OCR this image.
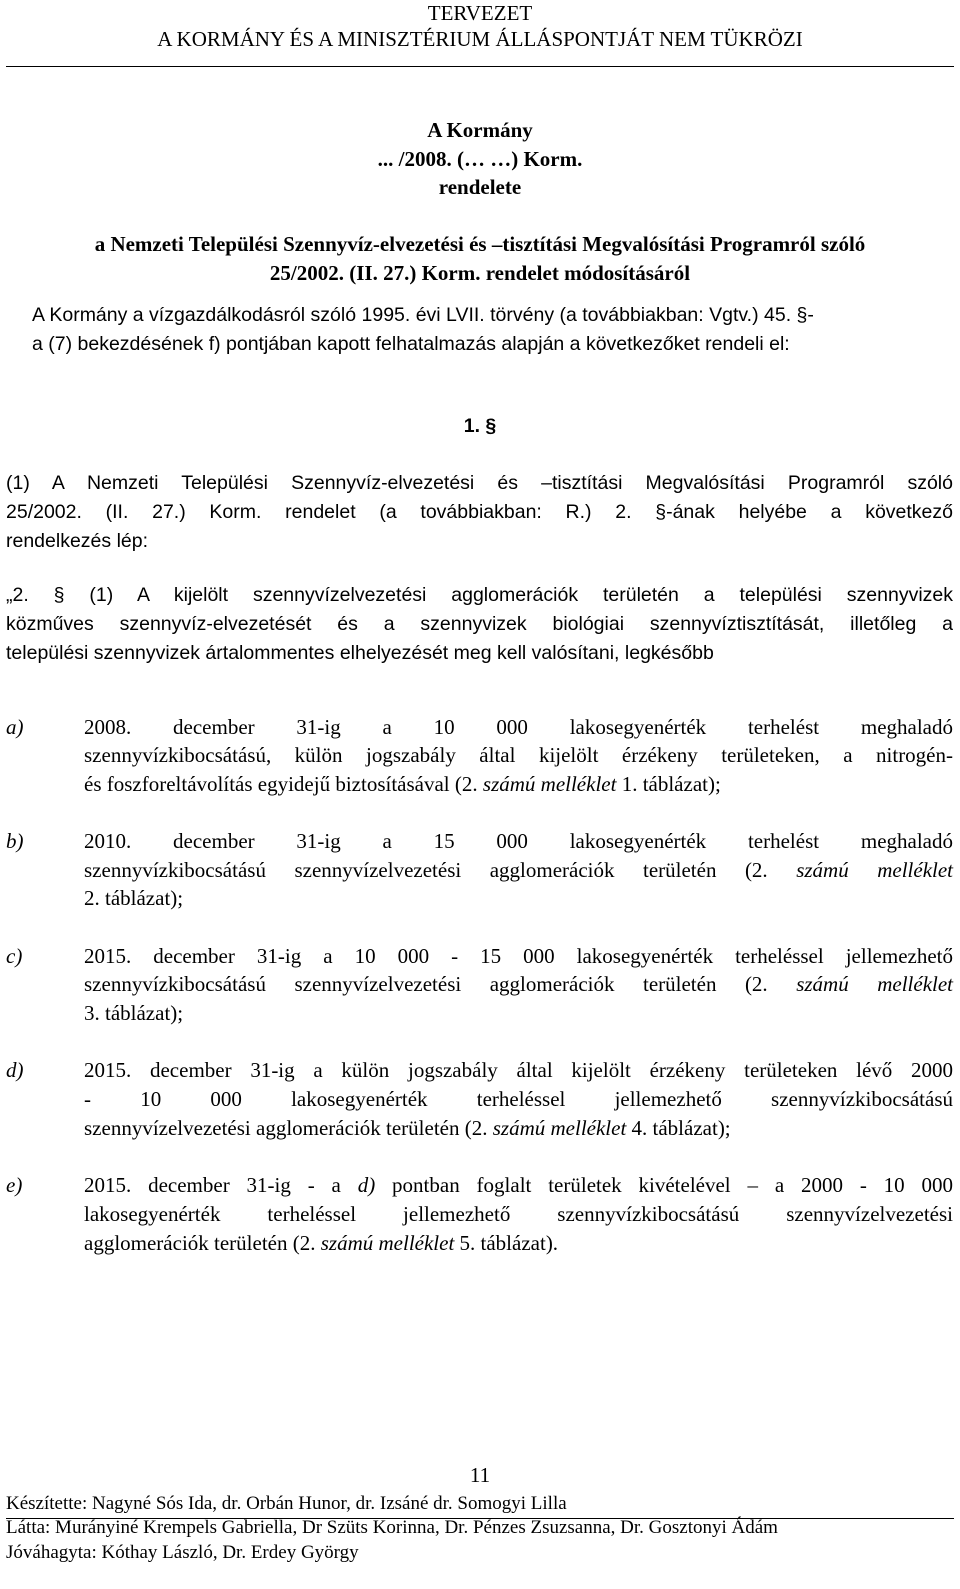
TERVEZET
A KORMÁNY ÉS A MINISZTÉRIUM ÁLLÁSPONTJÁT NEM TÜKRÖZI
A Kormány
... /2008. (… …) Korm.
rendelete
a Nemzeti Települési Szennyvíz-elvezetési és –tisztítási Megvalósítási Programról szóló
25/2002. (II. 27.) Korm. rendelet módosításáról
A Kormány a vízgazdálkodásról szóló 1995. évi LVII. törvény (a továbbiakban: Vgtv.) 45. §-
a (7) bekezdésének f) pontjában kapott felhatalmazás alapján a következőket rendeli el:
1. §
(1) A Nemzeti Települési Szennyvíz-elvezetési és –tisztítási Megvalósítási Programról szóló
25/2002. (II. 27.) Korm. rendelet (a továbbiakban: R.) 2. §-ának helyébe a következő
rendelkezés lép:
„2. § (1) A kijelölt szennyvízelvezetési agglomerációk területén a települési szennyvizek
közműves szennyvíz-elvezetését és a szennyvizek biológiai szennyvíztisztítását, illetőleg a
települési szennyvizek ártalommentes elhelyezését meg kell valósítani, legkésőbb
a)	2008. december 31-ig a 10 000 lakosegyenérték terhelést meghaladó
szennyvízkibocsátású, külön jogszabály által kijelölt érzékeny területeken, a nitrogén-
és foszforeltávolítás egyidejű biztosításával (2. számú melléklet 1. táblázat);
b)	2010. december 31-ig a 15 000 lakosegyenérték terhelést meghaladó
szennyvízkibocsátású szennyvízelvezetési agglomerációk területén (2. számú melléklet
2. táblázat);
c)	2015. december 31-ig a 10 000 - 15 000 lakosegyenérték terheléssel jellemezhető
szennyvízkibocsátású szennyvízelvezetési agglomerációk területén (2. számú melléklet
3. táblázat);
d)	2015. december 31-ig a külön jogszabály által kijelölt érzékeny területeken lévő 2000
- 10 000 lakosegyenérték terheléssel jellemezhető szennyvízkibocsátású
szennyvízelvezetési agglomerációk területén (2. számú melléklet 4. táblázat);
e)	2015. december 31-ig - a d) pontban foglalt területek kivételével – a 2000 - 10 000
lakosegyenérték terheléssel jellemezhető szennyvízkibocsátású szennyvízelvezetési
agglomerációk területén (2. számú melléklet 5. táblázat).
11
Készítette: Nagyné Sós Ida, dr. Orbán Hunor, dr. Izsáné dr. Somogyi Lilla
Látta: Murányiné Krempels Gabriella, Dr Szüts Korinna, Dr. Pénzes Zsuzsanna, Dr. Gosztonyi Ádám
Jóváhagyta: Kóthay László, Dr. Erdey György
